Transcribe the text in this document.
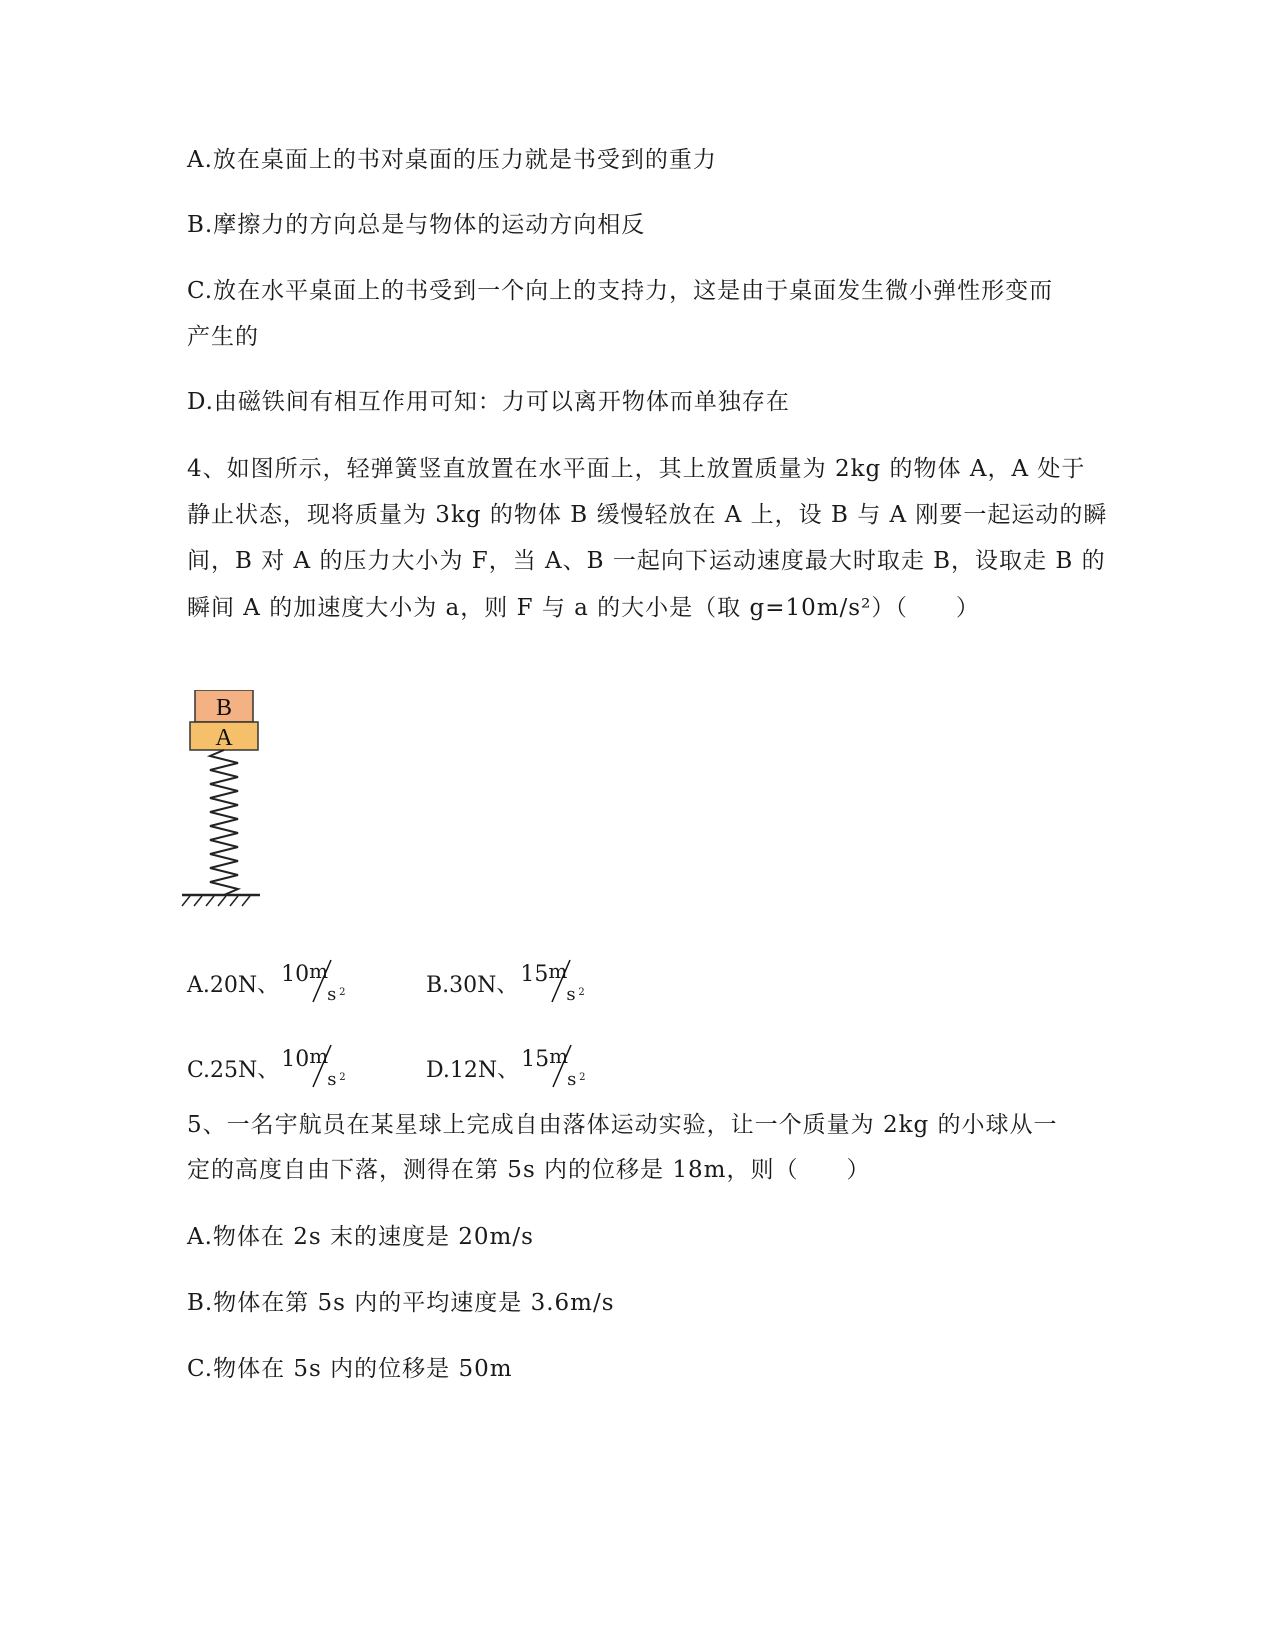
A.放在桌面上的书对桌面的压力就是书受到的重力
B.摩擦力的方向总是与物体的运动方向相反
C.放在水平桌面上的书受到一个向上的支持力，这是由于桌面发生微小弹性形变而
产生的
D.由磁铁间有相互作用可知：力可以离开物体而单独存在
4、如图所示，轻弹簧竖直放置在水平面上，其上放置质量为 2kg 的物体 A，A 处于
静止状态，现将质量为 3kg 的物体 B 缓慢轻放在 A 上，设 B 与 A 刚要一起运动的瞬
间，B 对 A 的压力大小为 F，当 A、B 一起向下运动速度最大时取走 B，设取走 B 的
瞬间 A 的加速度大小为 a，则 F 与 a 的大小是（取 g=10m/s²）（　　）
B
A
A.20N、 10 m
s 2	B.30N、 15 m
s 2
C.25N、 10 m
s 2	D.12N、 15 m
s 2
5、一名宇航员在某星球上完成自由落体运动实验，让一个质量为 2kg 的小球从一
定的高度自由下落，测得在第 5s 内的位移是 18m，则（　　）
A.物体在 2s 末的速度是 20m/s
B.物体在第 5s 内的平均速度是 3.6m/s
C.物体在 5s 内的位移是 50m
